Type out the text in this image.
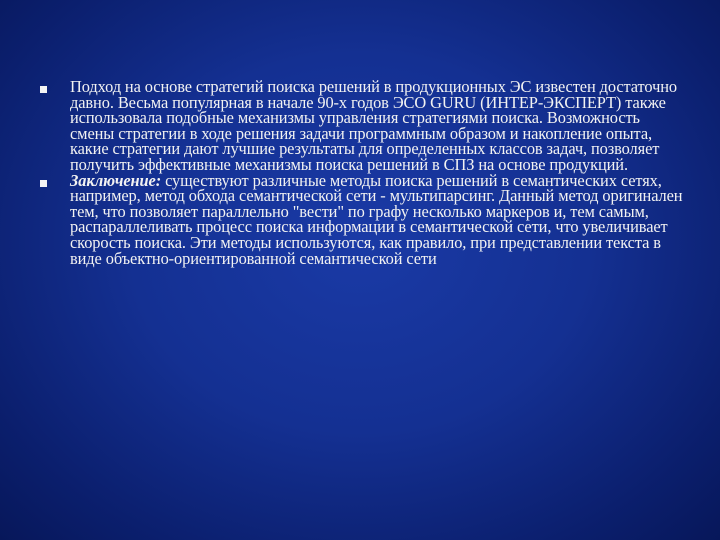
Подход на основе стратегий поиска решений в продукционных ЭС известен достаточно давно. Весьма популярная в начале 90-х годов ЭСО GURU (ИНТЕР-ЭКСПЕРТ) также использовала подобные механизмы управления стратегиями поиска. Возможность смены стратегии в ходе решения задачи программным образом и накопление опыта, какие стратегии дают лучшие результаты для определенных классов задач, позволяет получить эффективные механизмы поиска решений в СПЗ на основе продукций.
Заключение: существуют различные методы поиска решений в семантических сетях, например, метод обхода семантической сети - мультипарсинг. Данный метод оригинален тем, что позволяет параллельно "вести" по графу несколько маркеров и, тем самым, распараллеливать процесс поиска информации в семантической сети, что увеличивает скорость поиска. Эти методы используются, как правило, при представлении текста в виде объектно-ориентированной семантической сети
